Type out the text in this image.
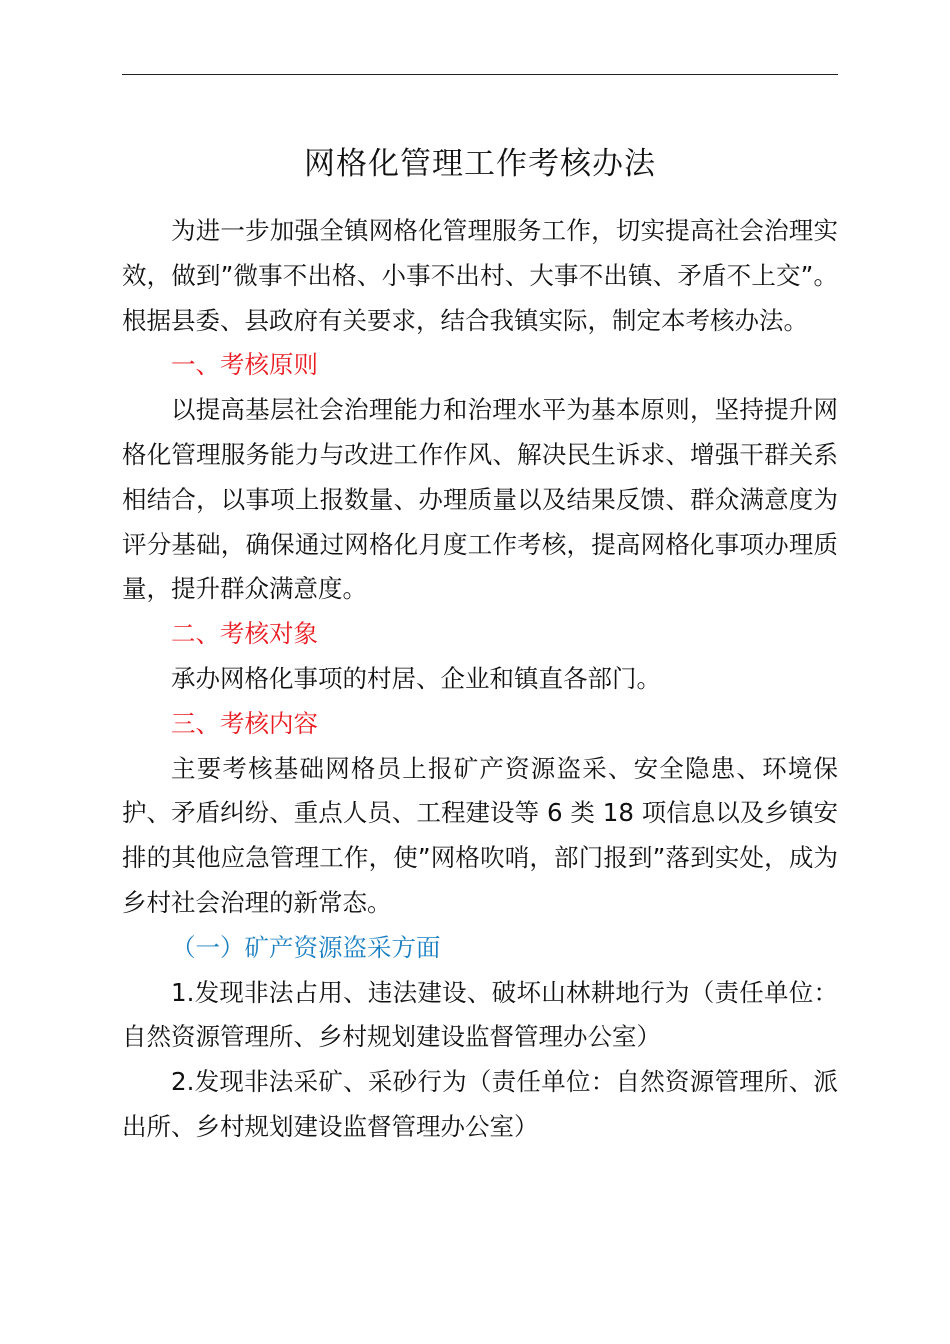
网格化管理工作考核办法

为进一步加强全镇网格化管理服务工作，切实提高社会治理实效，做到”微事不出格、小事不出村、大事不出镇、矛盾不上交”。根据县委、县政府有关要求，结合我镇实际，制定本考核办法。

一、考核原则

以提高基层社会治理能力和治理水平为基本原则，坚持提升网格化管理服务能力与改进工作作风、解决民生诉求、增强干群关系相结合，以事项上报数量、办理质量以及结果反馈、群众满意度为评分基础，确保通过网格化月度工作考核，提高网格化事项办理质量，提升群众满意度。

二、考核对象

承办网格化事项的村居、企业和镇直各部门。

三、考核内容

主要考核基础网格员上报矿产资源盗采、安全隐患、环境保护、矛盾纠纷、重点人员、工程建设等 6 类 18 项信息以及乡镇安排的其他应急管理工作，使”网格吹哨，部门报到”落到实处，成为乡村社会治理的新常态。

（一）矿产资源盗采方面

1.发现非法占用、违法建设、破坏山林耕地行为（责任单位：自然资源管理所、乡村规划建设监督管理办公室）

2.发现非法采矿、采砂行为（责任单位：自然资源管理所、派出所、乡村规划建设监督管理办公室）
